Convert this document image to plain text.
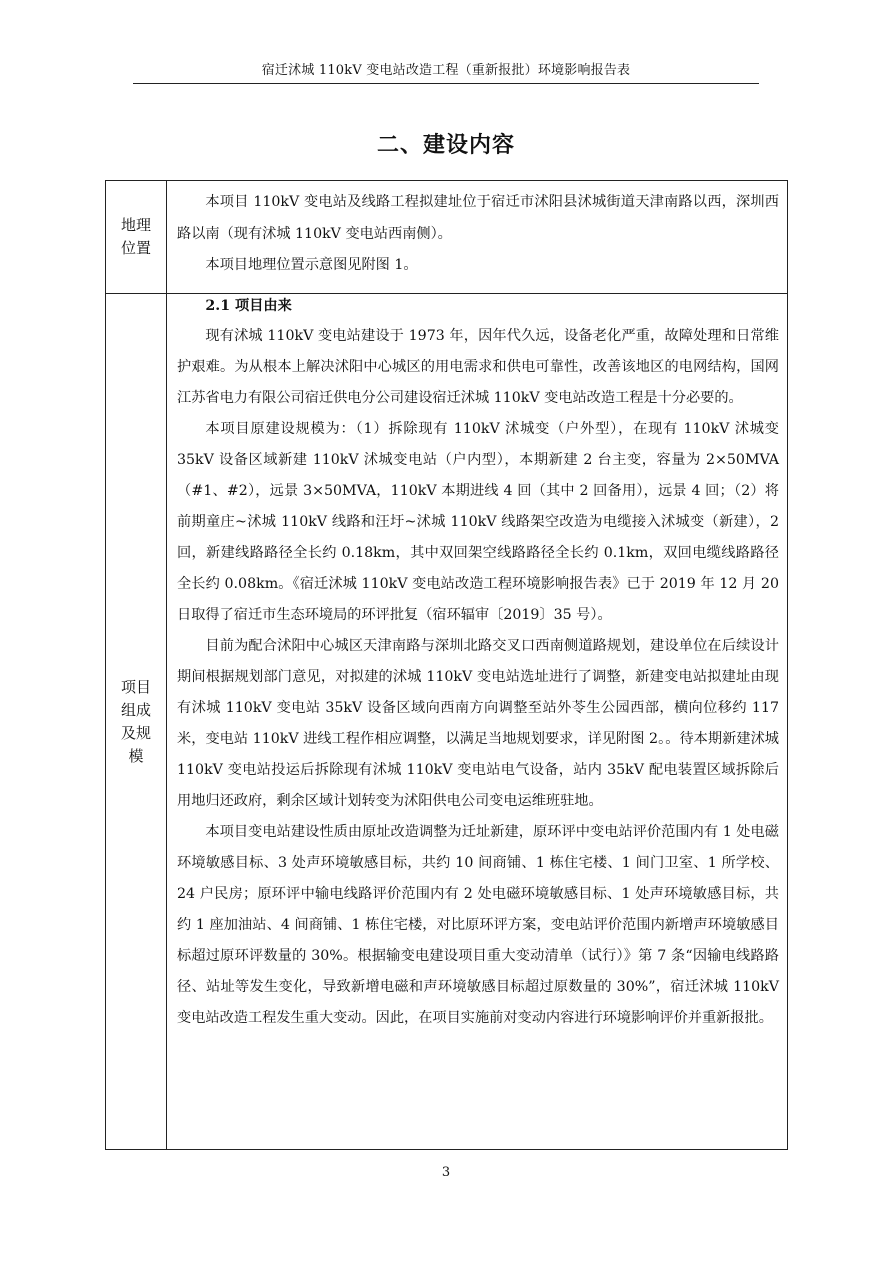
宿迁沭城 110kV 变电站改造工程（重新报批）环境影响报告表
二、建设内容
地理位置

本项目 110kV 变电站及线路工程拟建址位于宿迁市沭阳县沭城街道天津南路以西，深圳西路以南（现有沭城 110kV 变电站西南侧）。

本项目地理位置示意图见附图 1。

项目组成及规模

2.1 项目由来

现有沭城 110kV 变电站建设于 1973 年，因年代久远，设备老化严重，故障处理和日常维护艰难。为从根本上解决沭阳中心城区的用电需求和供电可靠性，改善该地区的电网结构，国网江苏省电力有限公司宿迁供电分公司建设宿迁沭城 110kV 变电站改造工程是十分必要的。

本项目原建设规模为：（1）拆除现有 110kV 沭城变（户外型），在现有 110kV 沭城变 35kV 设备区域新建 110kV 沭城变电站（户内型），本期新建 2 台主变，容量为 2×50MVA（#1、#2），远景 3×50MVA，110kV 本期进线 4 回（其中 2 回备用），远景 4 回；（2）将前期童庄~沭城 110kV 线路和汪圩~沭城 110kV 线路架空改造为电缆接入沭城变（新建），2 回，新建线路路径全长约 0.18km，其中双回架空线路路径全长约 0.1km，双回电缆线路路径全长约 0.08km。《宿迁沭城 110kV 变电站改造工程环境影响报告表》已于 2019 年 12 月 20 日取得了宿迁市生态环境局的环评批复（宿环辐审〔2019〕35 号）。

目前为配合沭阳中心城区天津南路与深圳北路交叉口西南侧道路规划，建设单位在后续设计期间根据规划部门意见，对拟建的沭城 110kV 变电站选址进行了调整，新建变电站拟建址由现有沭城 110kV 变电站 35kV 设备区域向西南方向调整至站外苓生公园西部，横向位移约 117 米，变电站 110kV 进线工程作相应调整，以满足当地规划要求，详见附图 2。。待本期新建沭城 110kV 变电站投运后拆除现有沭城 110kV 变电站电气设备，站内 35kV 配电装置区域拆除后用地归还政府，剩余区域计划转变为沭阳供电公司变电运维班驻地。

本项目变电站建设性质由原址改造调整为迁址新建，原环评中变电站评价范围内有 1 处电磁环境敏感目标、3 处声环境敏感目标，共约 10 间商铺、1 栋住宅楼、1 间门卫室、1 所学校、24 户民房；原环评中输电线路评价范围内有 2 处电磁环境敏感目标、1 处声环境敏感目标，共约 1 座加油站、4 间商铺、1 栋住宅楼，对比原环评方案，变电站评价范围内新增声环境敏感目标超过原环评数量的 30%。根据输变电建设项目重大变动清单（试行）》第 7 条“因输电线路路径、站址等发生变化，导致新增电磁和声环境敏感目标超过原数量的 30%”，宿迁沭城 110kV 变电站改造工程发生重大变动。因此，在项目实施前对变动内容进行环境影响评价并重新报批。

3
